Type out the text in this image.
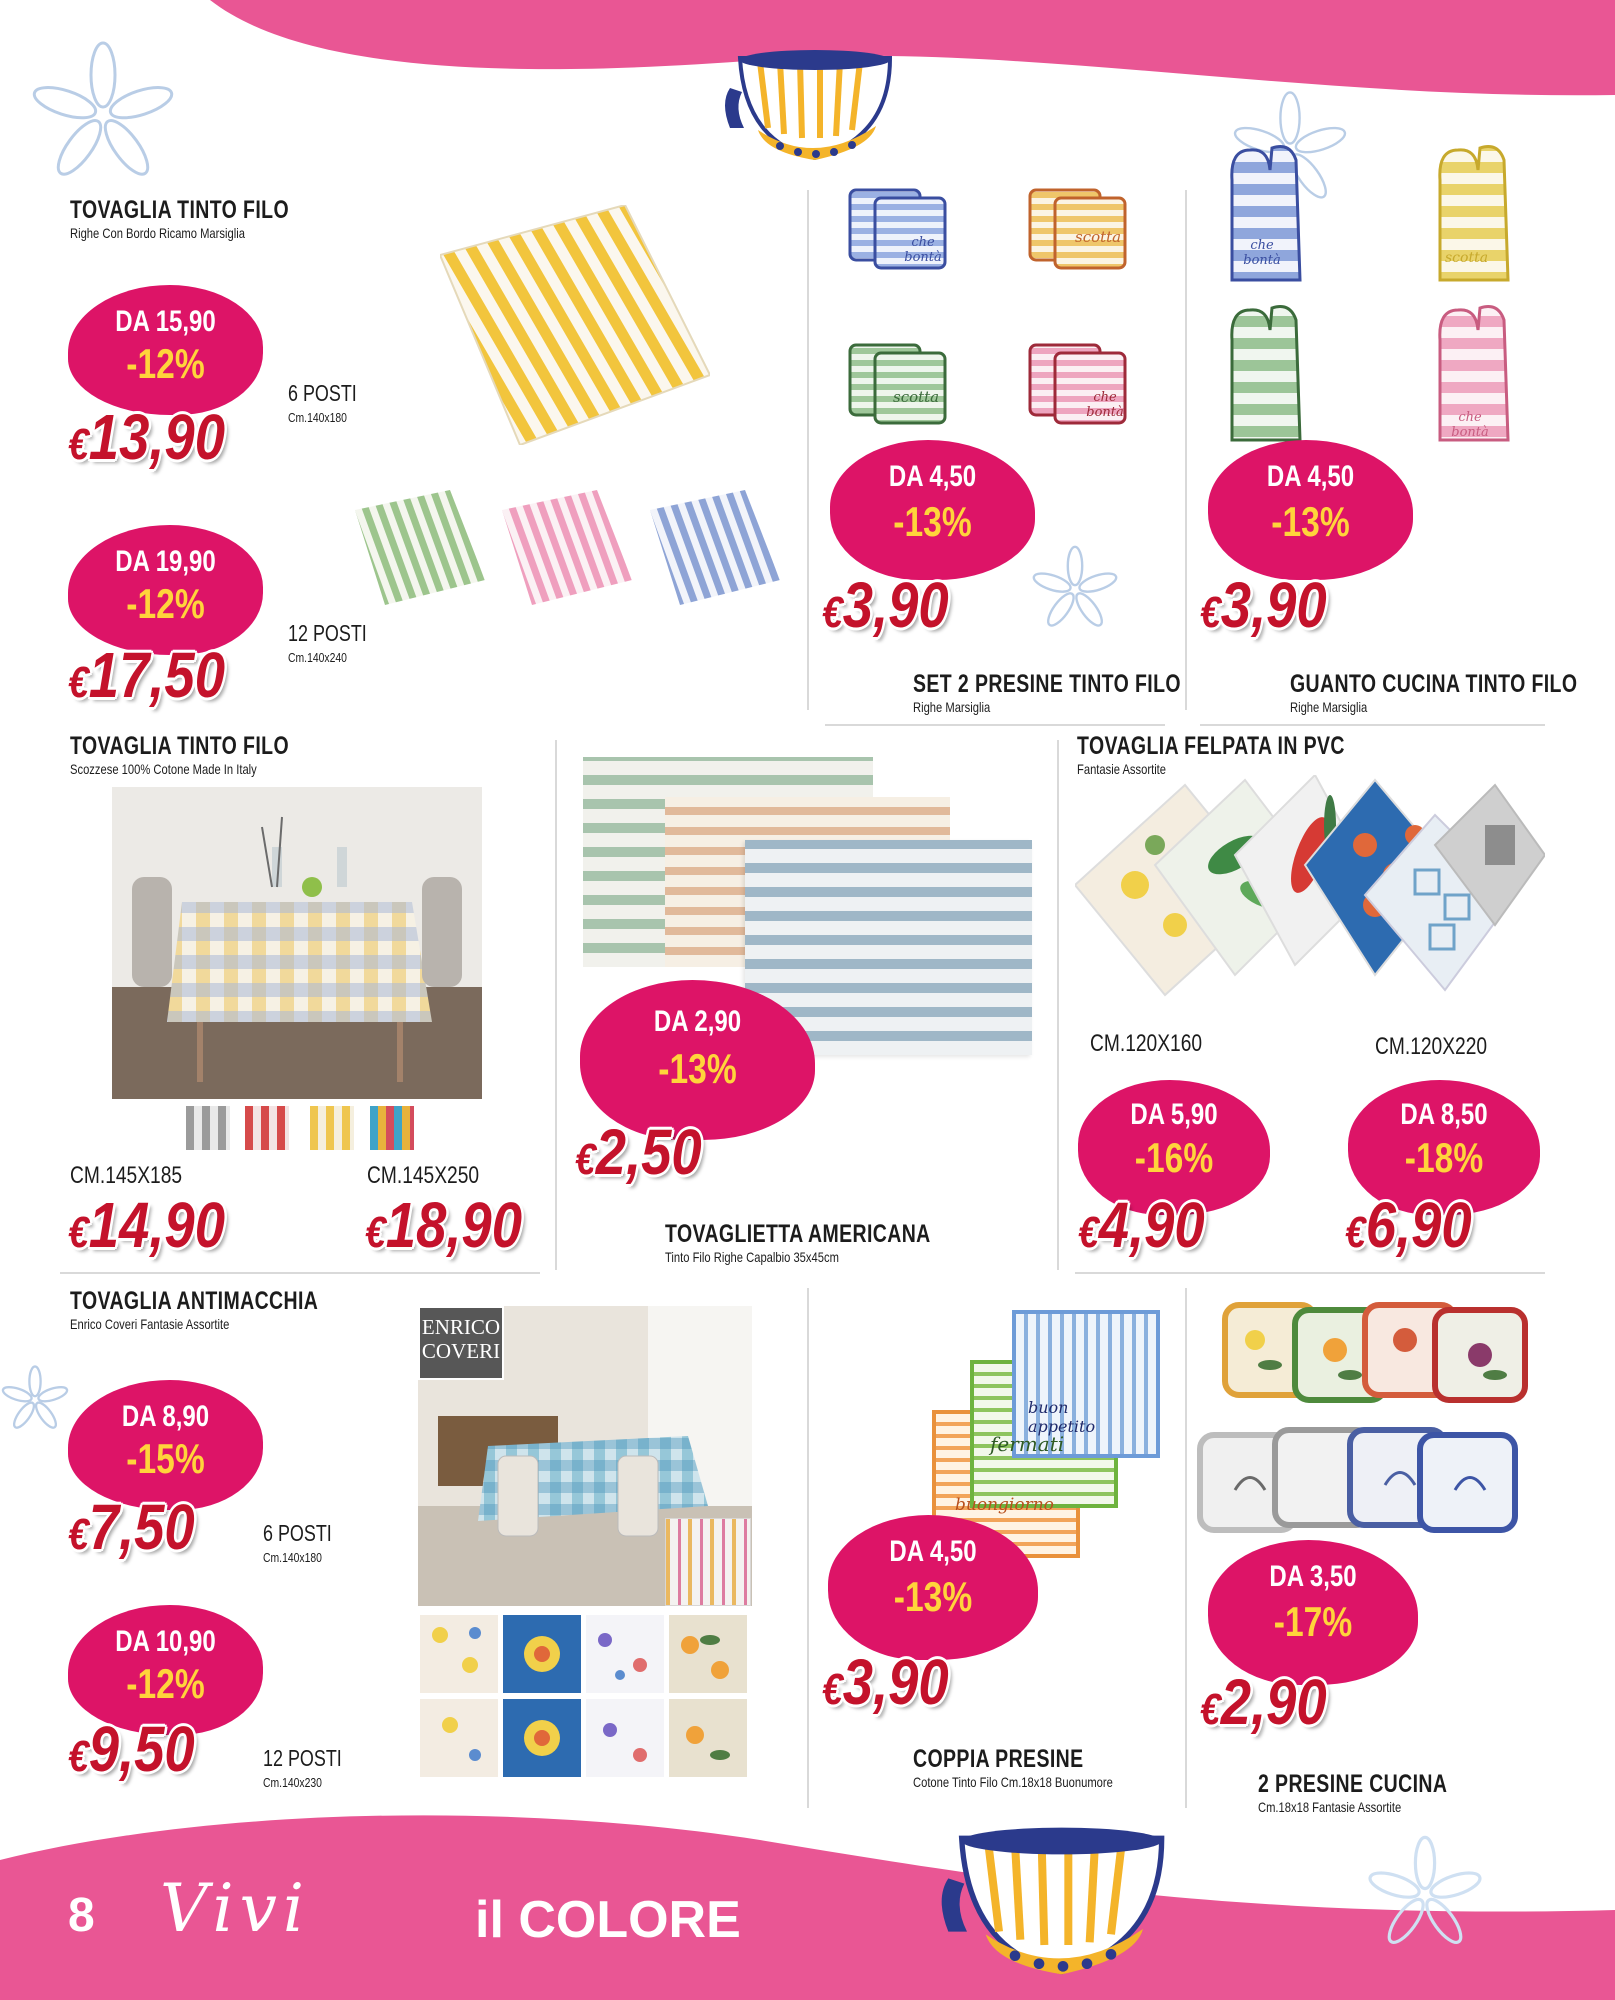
TOVAGLIA TINTO FILO
Righe Con Bordo Ricamo Marsiglia
DA 15,90
-12%
€13,90
6 POSTI
Cm.140x180
DA 19,90
-12%
€17,50
12 POSTI
Cm.140x240
che bontà
scotta
scotta	che bontà
DA 4,50
-13%
€3,90
SET 2 PRESINE TINTO FILO
Righe Marsiglia
che bontà	scotta
che bontà
DA 4,50
-13%
€3,90
GUANTO CUCINA TINTO FILO
Righe Marsiglia
TOVAGLIA TINTO FILO
Scozzese 100% Cotone Made In Italy
CM.145X185
€14,90
CM.145X250
€18,90
DA 2,90
-13%
€2,50
TOVAGLIETTA AMERICANA
Tinto Filo Righe Capalbio 35x45cm
TOVAGLIA FELPATA IN PVC
Fantasie Assortite
CM.120X160	CM.120X220
DA 5,90
-16%
€4,90
DA 8,50
-18%
€6,90
TOVAGLIA ANTIMACCHIA
Enrico Coveri Fantasie Assortite	ENRICO
COVERI
DA 8,90
-15%
€7,50	6 POSTI
Cm.140x180
DA 10,90
-12%
€9,50	12 POSTI
Cm.140x230
buon appetito
fermati
buongiorno
DA 4,50
-13%
€3,90
COPPIA PRESINE
Cotone Tinto Filo Cm.18x18 Buonumore
DA 3,50
-17%
€2,90
2 PRESINE CUCINA
Cm.18x18 Fantasie Assortite
8 Vivi	il COLORE
